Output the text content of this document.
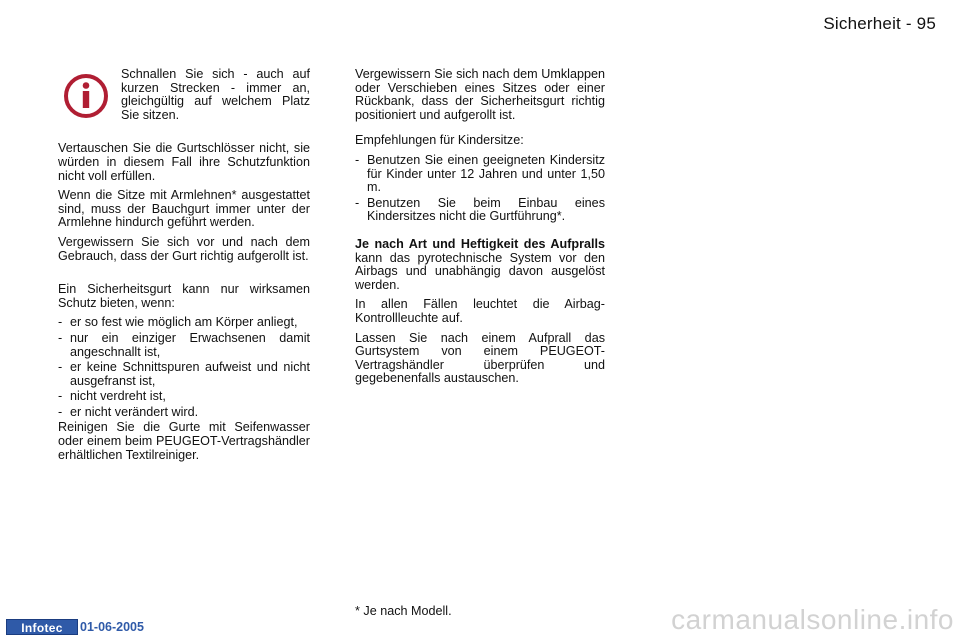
Sicherheit - 95

Schnallen Sie sich - auch auf kurzen Strecken - immer an, gleichgültig auf welchem Platz Sie sitzen.

Vertauschen Sie die Gurtschlösser nicht, sie würden in diesem Fall ihre Schutzfunktion nicht voll erfüllen.

Wenn die Sitze mit Armlehnen* ausgestattet sind, muss der Bauchgurt immer unter der Armlehne hindurch geführt werden.

Vergewissern Sie sich vor und nach dem Gebrauch, dass der Gurt richtig aufgerollt ist.

Ein Sicherheitsgurt kann nur wirksamen Schutz bieten, wenn:

- er so fest wie möglich am Körper anliegt,
- nur ein einziger Erwachsenen damit angeschnallt ist,
- er keine Schnittspuren aufweist und nicht ausgefranst ist,
- nicht verdreht ist,
- er nicht verändert wird.

Reinigen Sie die Gurte mit Seifenwasser oder einem beim PEUGEOT-Vertragshändler erhältlichen Textilreiniger.

Vergewissern Sie sich nach dem Umklappen oder Verschieben eines Sitzes oder einer Rückbank, dass der Sicherheitsgurt richtig positioniert und aufgerollt ist.

Empfehlungen für Kindersitze:

- Benutzen Sie einen geeigneten Kindersitz für Kinder unter 12 Jahren und unter 1,50 m.
- Benutzen Sie beim Einbau eines Kindersitzes nicht die Gurtführung*.

Je nach Art und Heftigkeit des Aufpralls kann das pyrotechnische System vor den Airbags und unabhängig davon ausgelöst werden.

In allen Fällen leuchtet die Airbag-Kontrollleuchte auf.

Lassen Sie nach einem Aufprall das Gurtsystem von einem PEUGEOT-Vertragshändler überprüfen und gegebenenfalls austauschen.

* Je nach Modell.
Infotec	01-06-2005	carmanualsonline.info
